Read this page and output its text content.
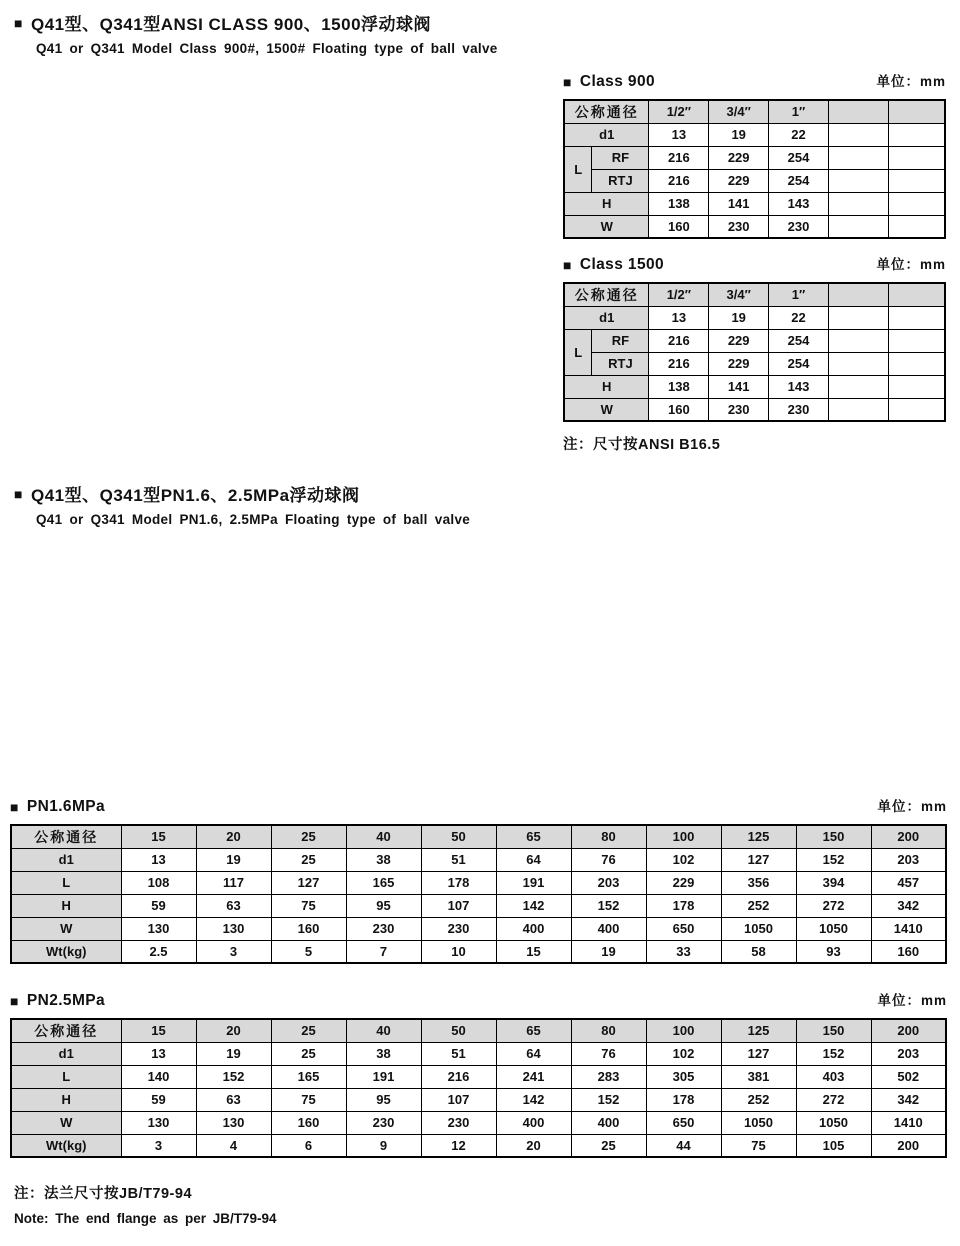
■ Q41型、Q341型ANSI CLASS 900、1500浮动球阀
Q41 or Q341 Model Class 900#, 1500# Floating type of ball valve
■ Class 900	单位：mm
公称通径		1/2″	3/4″	1″		
d1		13	19	22		
L	RF	216	229	254		
	RTJ	216	229	254		
H		138	141	143		
W		160	230	230		
■ Class 1500	单位：mm
公称通径		1/2″	3/4″	1″		
d1		13	19	22		
L	RF	216	229	254		
	RTJ	216	229	254		
H		138	141	143		
W		160	230	230		
注：尺寸按ANSI B16.5
■ Q41型、Q341型PN1.6、2.5MPa浮动球阀
Q41 or Q341 Model PN1.6, 2.5MPa Floating type of ball valve
■ PN1.6MPa	单位：mm
公称通径	15	20	25	40	50	65	80	100	125	150	200
d1	13	19	25	38	51	64	76	102	127	152	203
L	108	117	127	165	178	191	203	229	356	394	457
H	59	63	75	95	107	142	152	178	252	272	342
W	130	130	160	230	230	400	400	650	1050	1050	1410
Wt(kg)	2.5	3	5	7	10	15	19	33	58	93	160
■ PN2.5MPa	单位：mm
公称通径	15	20	25	40	50	65	80	100	125	150	200
d1	13	19	25	38	51	64	76	102	127	152	203
L	140	152	165	191	216	241	283	305	381	403	502
H	59	63	75	95	107	142	152	178	252	272	342
W	130	130	160	230	230	400	400	650	1050	1050	1410
Wt(kg)	3	4	6	9	12	20	25	44	75	105	200
注：法兰尺寸按JB/T79-94
Note: The end flange as per JB/T79-94
